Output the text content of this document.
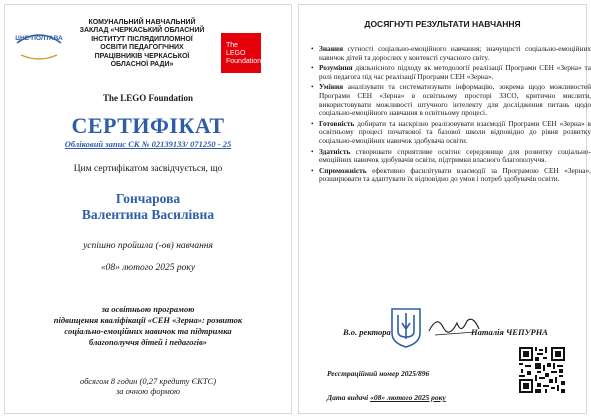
ЦНЕ·ПОЛТАВА
КОМУНАЛЬНИЙ НАВЧАЛЬНИЙ
ЗАКЛАД «ЧЕРКАСЬКИЙ ОБЛАСНИЙ
ІНСТИТУТ ПІСЛЯДИПЛОМНОЇ
ОСВІТИ ПЕДАГОГІЧНИХ
ПРАЦІВНИКІВ ЧЕРКАСЬКОЇ
ОБЛАСНОЇ РАДИ»
The
LEGO
Foundation
The LEGO Foundation
СЕРТИФІКАТ
Обліковий запис СК № 02139133/ 071250 - 25
Цим сертифікатом засвідчується, що
Гончарова
Валентина Василівна
успішно пройшла (-ов) навчання
«08» лютого 2025 року
за освітньою програмою
підвищення кваліфікації «СЕН «Зерна»: розвиток
соціально-емоційних навичок та підтримка
благополуччя дітей і педагогів»
обсягом 8 годин (0,27 кредиту ЄКТС)
за очною формою
ДОСЯГНУТІ РЕЗУЛЬТАТИ НАВЧАННЯ
• Знання сутності соціально-емоційного навчання; значущості соціально-емоційних навичок дітей та дорослих у контексті сучасного світу.
• Розуміння діяльнісного підходу як методології реалізації Програми СЕН «Зерна» та ролі педагога під час реалізації Програми СЕН «Зерна».
• Уміння аналізувати та систематизувати інформацію, зокрема щодо можливостей Програми СЕН «Зерна» в освітньому просторі ЗЗСО, критично мислити, використовувати можливості штучного інтелекту для дослідження питань щодо соціально-емоційного навчання в освітньому процесі.
• Готовність добирати та наскрізно реалізовувати взаємодії Програми СЕН «Зерна» в освітньому процесі початкової та базової школи відповідно до рівня розвитку соціально-емоційних навичок здобувача освіти.
• Здатність створювати сприятливе освітнє середовище для розвитку соціально-емоційних навичок здобувачів освіти, підтримки власного благополуччя.
• Спроможність ефективно фасилітувати взаємодії за Програмою СЕН «Зерна», розширювати та адаптувати їх відповідно до умов і потреб здобувачів освіти.
В.о. ректора	Наталія ЧЕПУРНА
Реєстраційний номер 2025/896
Дата видачі «08» лютого 2025 року
